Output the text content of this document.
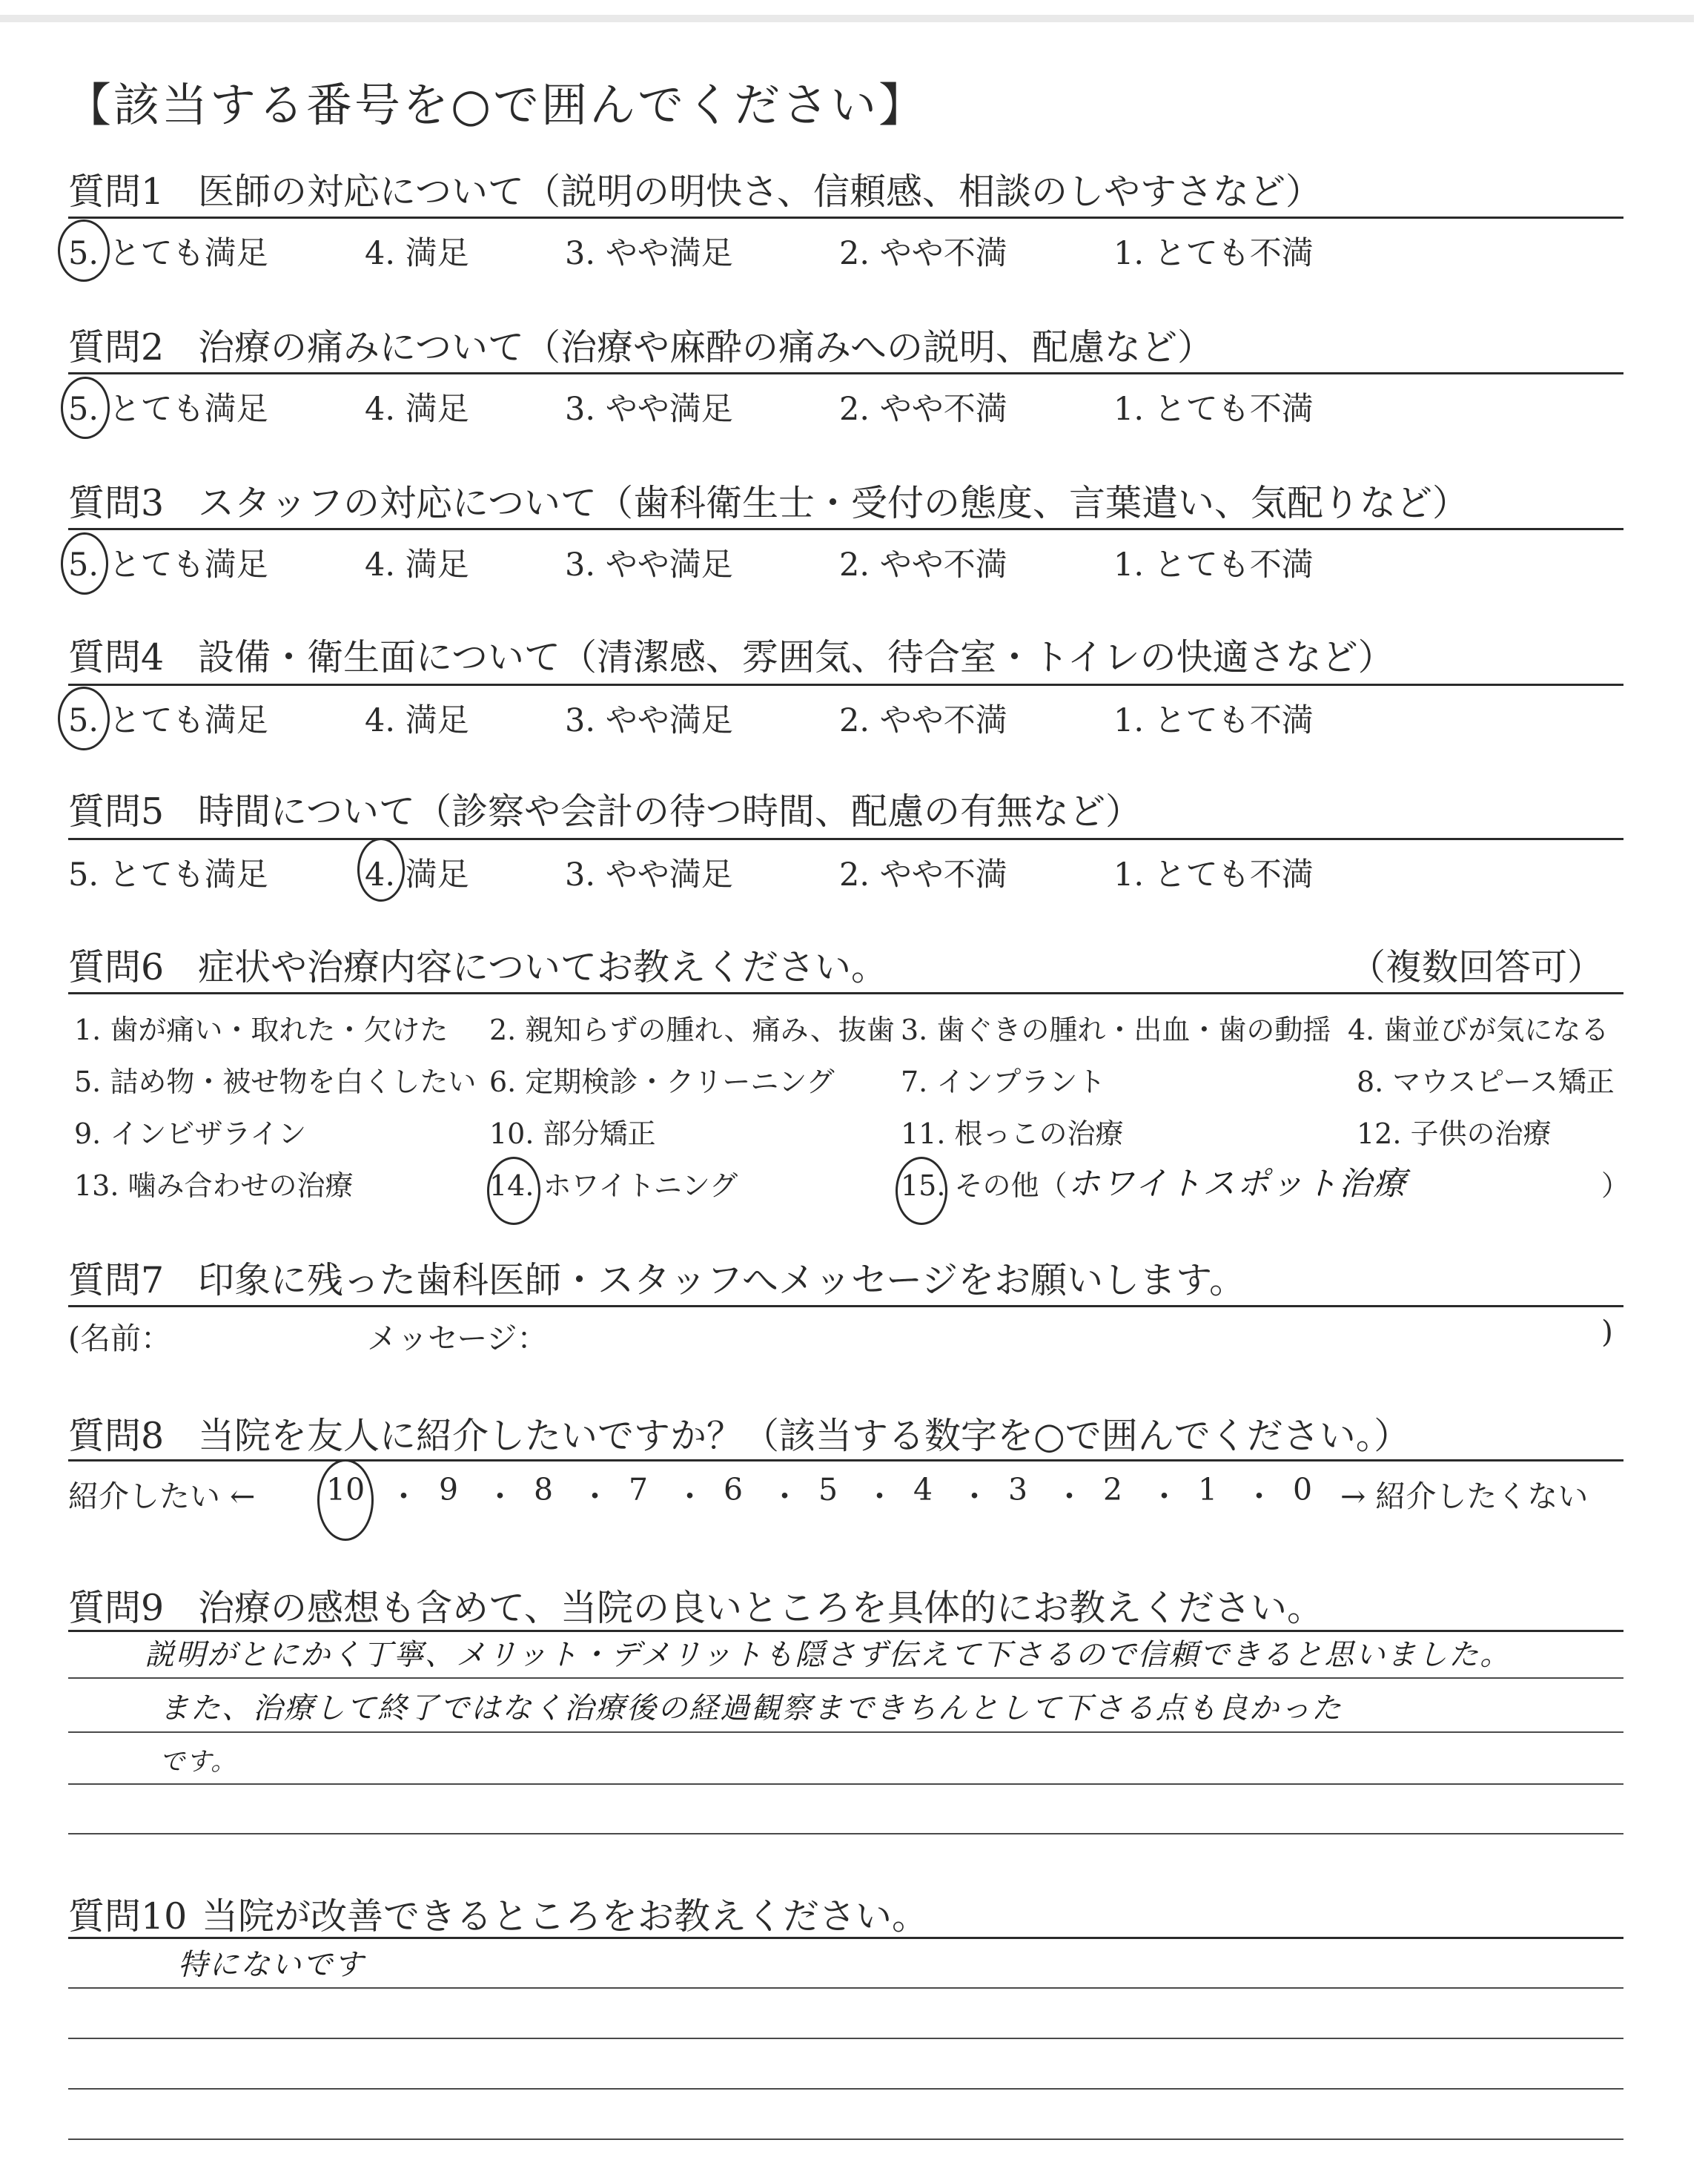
【該当する番号を○で囲んでください】
質問1 医師の対応について（説明の明快さ、信頼感、相談のしやすさなど）
5. とても満足	4. 満足	3. やや満足	2. やや不満	1. とても不満
質問2 治療の痛みについて（治療や麻酔の痛みへの説明、配慮など）
5. とても満足	4. 満足	3. やや満足	2. やや不満	1. とても不満
質問3 スタッフの対応について（歯科衛生士・受付の態度、言葉遣い、気配りなど）
5. とても満足	4. 満足	3. やや満足	2. やや不満	1. とても不満
質問4 設備・衛生面について（清潔感、雰囲気、待合室・トイレの快適さなど）
5. とても満足	4. 満足	3. やや満足	2. やや不満	1. とても不満
質問5 時間について（診察や会計の待つ時間、配慮の有無など）
5. とても満足	4. 満足	3. やや満足	2. やや不満	1. とても不満
質問6 症状や治療内容についてお教えください。	（複数回答可）
1. 歯が痛い・取れた・欠けた 2. 親知らずの腫れ、痛み、抜歯 3. 歯ぐきの腫れ・出血・歯の動揺 4. 歯並びが気になる
5. 詰め物・被せ物を白くしたい 6. 定期検診・クリーニング 7. インプラント	8. マウスピース矯正
9. インビザライン	10. 部分矯正	11. 根っこの治療	12. 子供の治療
13. 噛み合わせの治療	14. ホワイトニング	15. その他（	）
ホワイトスポット治療
質問7 印象に残った歯科医師・スタッフへメッセージをお願いします。
(名前：	メッセージ：	)
質問8 当院を友人に紹介したいですか？（該当する数字を○で囲んでください。）
紹介したい ← 10 ・ 9 ・ 8 ・ 7 ・ 6 ・ 5 ・ 4 ・ 3 ・ 2 ・ 1 ・ 0 → 紹介したくない
質問9 治療の感想も含めて、当院の良いところを具体的にお教えください。
説明がとにかく丁寧、メリット・デメリットも隠さず伝えて下さるので信頼できると思いました。
また、治療して終了ではなく治療後の経過観察まできちんとして下さる点も良かった
です。
質問10 当院が改善できるところをお教えください。
特にないです
